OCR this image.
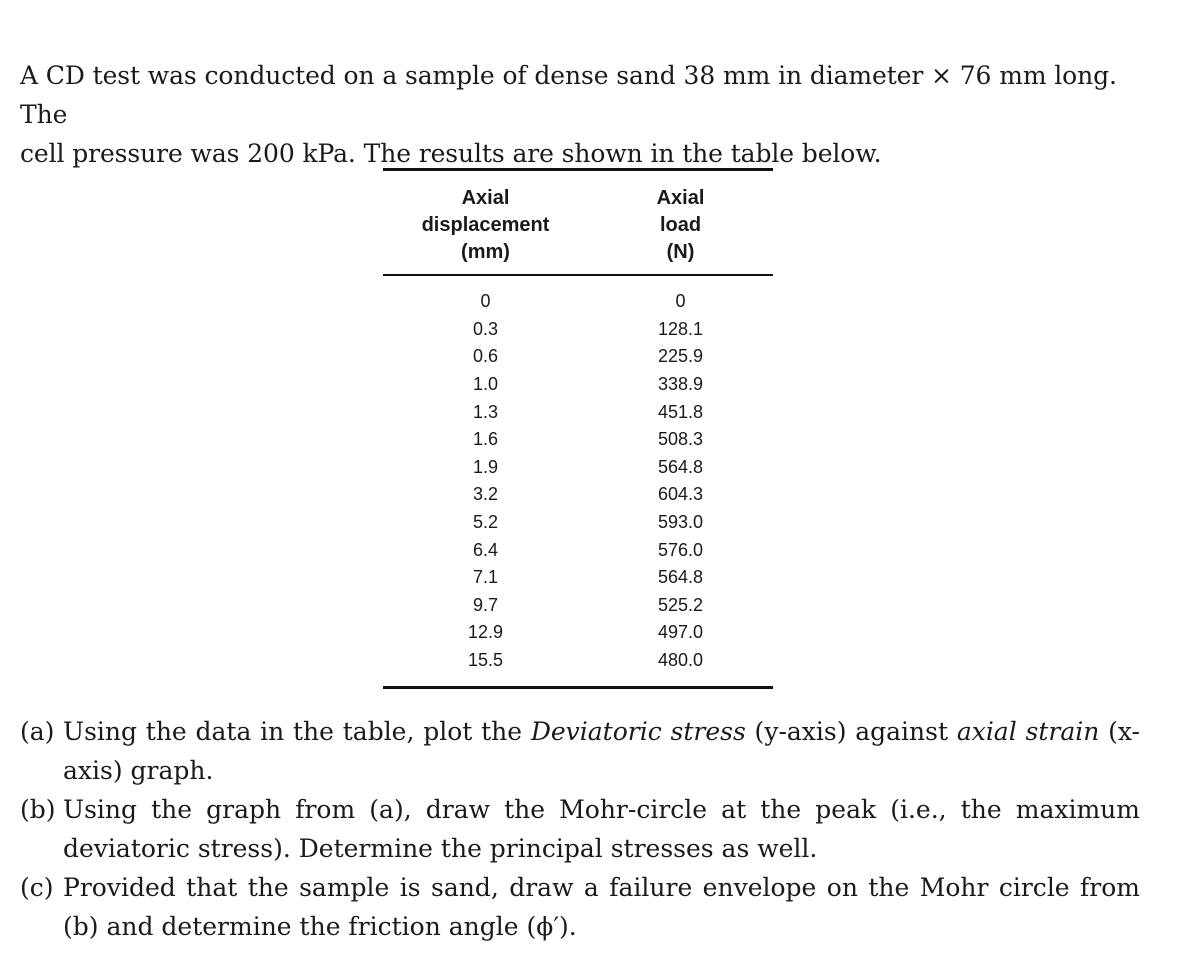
A CD test was conducted on a sample of dense sand 38 mm in diameter × 76 mm long. The

cell pressure was 200 kPa. The results are shown in the table below.

Axial
displacement
(mm)	Axial
load
(N)

0	0
0.3	128.1
0.6	225.9
1.0	338.9
1.3	451.8
1.6	508.3
1.9	564.8
3.2	604.3
5.2	593.0
6.4	576.0
7.1	564.8
9.7	525.2
12.9	497.0
15.5	480.0
(a) Using the data in the table, plot the Deviatoric stress (y-axis) against axial strain (x-axis) graph.
(b) Using the graph from (a), draw the Mohr-circle at the peak (i.e., the maximum deviatoric stress). Determine the principal stresses as well.
(c) Provided that the sample is sand, draw a failure envelope on the Mohr circle from (b) and determine the friction angle (ϕ′).
